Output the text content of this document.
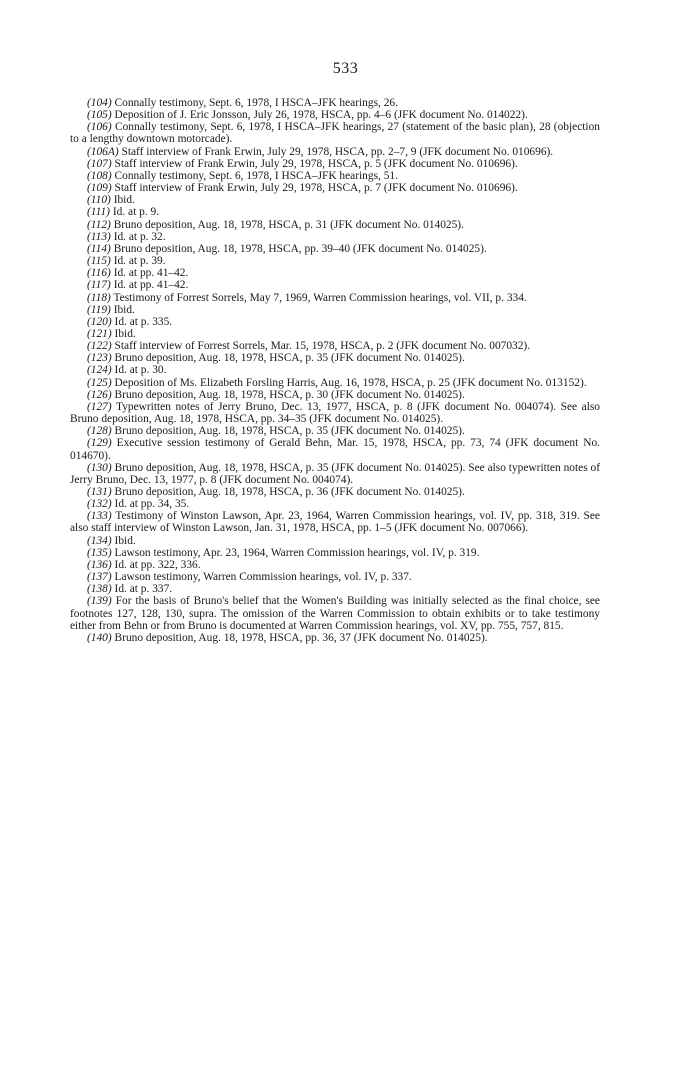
533

(104) Connally testimony, Sept. 6, 1978, I HSCA–JFK hearings, 26.

(105) Deposition of J. Eric Jonsson, July 26, 1978, HSCA, pp. 4–6 (JFK document No. 014022).

(106) Connally testimony, Sept. 6, 1978, I HSCA–JFK hearings, 27 (statement of the basic plan), 28 (objection to a lengthy downtown motorcade).

(106A) Staff interview of Frank Erwin, July 29, 1978, HSCA, pp. 2–7, 9 (JFK document No. 010696).

(107) Staff interview of Frank Erwin, July 29, 1978, HSCA, p. 5 (JFK document No. 010696).

(108) Connally testimony, Sept. 6, 1978, I HSCA–JFK hearings, 51.

(109) Staff interview of Frank Erwin, July 29, 1978, HSCA, p. 7 (JFK document No. 010696).

(110) Ibid.

(111) Id. at p. 9.

(112) Bruno deposition, Aug. 18, 1978, HSCA, p. 31 (JFK document No. 014025).

(113) Id. at p. 32.

(114) Bruno deposition, Aug. 18, 1978, HSCA, pp. 39–40 (JFK document No. 014025).

(115) Id. at p. 39.

(116) Id. at pp. 41–42.

(117) Id. at pp. 41–42.

(118) Testimony of Forrest Sorrels, May 7, 1969, Warren Commission hearings, vol. VII, p. 334.

(119) Ibid.

(120) Id. at p. 335.

(121) Ibid.

(122) Staff interview of Forrest Sorrels, Mar. 15, 1978, HSCA, p. 2 (JFK document No. 007032).

(123) Bruno deposition, Aug. 18, 1978, HSCA, p. 35 (JFK document No. 014025).

(124) Id. at p. 30.

(125) Deposition of Ms. Elizabeth Forsling Harris, Aug. 16, 1978, HSCA, p. 25 (JFK document No. 013152).

(126) Bruno deposition, Aug. 18, 1978, HSCA, p. 30 (JFK document No. 014025).

(127) Typewritten notes of Jerry Bruno, Dec. 13, 1977, HSCA, p. 8 (JFK document No. 004074). See also Bruno deposition, Aug. 18, 1978, HSCA, pp. 34–35 (JFK document No. 014025).

(128) Bruno deposition, Aug. 18, 1978, HSCA, p. 35 (JFK document No. 014025).

(129) Executive session testimony of Gerald Behn, Mar. 15, 1978, HSCA, pp. 73, 74 (JFK document No. 014670).

(130) Bruno deposition, Aug. 18, 1978, HSCA, p. 35 (JFK document No. 014025). See also typewritten notes of Jerry Bruno, Dec. 13, 1977, p. 8 (JFK document No. 004074).

(131) Bruno deposition, Aug. 18, 1978, HSCA, p. 36 (JFK document No. 014025).

(132) Id. at pp. 34, 35.

(133) Testimony of Winston Lawson, Apr. 23, 1964, Warren Commission hearings, vol. IV, pp. 318, 319. See also staff interview of Winston Lawson, Jan. 31, 1978, HSCA, pp. 1–5 (JFK document No. 007066).

(134) Ibid.

(135) Lawson testimony, Apr. 23, 1964, Warren Commission hearings, vol. IV, p. 319.

(136) Id. at pp. 322, 336.

(137) Lawson testimony, Warren Commission hearings, vol. IV, p. 337.

(138) Id. at p. 337.

(139) For the basis of Bruno's belief that the Women's Building was initially selected as the final choice, see footnotes 127, 128, 130, supra. The omission of the Warren Commission to obtain exhibits or to take testimony either from Behn or from Bruno is documented at Warren Commission hearings, vol. XV, pp. 755, 757, 815.

(140) Bruno deposition, Aug. 18, 1978, HSCA, pp. 36, 37 (JFK document No. 014025).
